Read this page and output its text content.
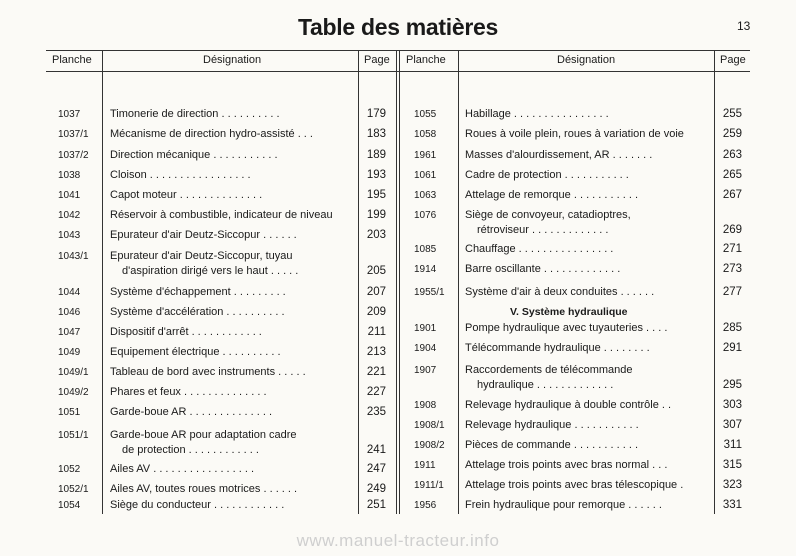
Table des matières	13
Planche	Désignation	Page Planche	Désignation	Page
1037	Timonerie de direction . . . . . . . . . .	179
1037/1 Mécanisme de direction hydro-assisté . . .	183
1037/2 Direction mécanique . . . . . . . . . . .	189
1038	Cloison . . . . . . . . . . . . . . . . .	193
1041	Capot moteur . . . . . . . . . . . . . .	195
1042	Réservoir à combustible, indicateur de niveau	199
1043	Epurateur d'air Deutz-Siccopur . . . . . .	203
1043/1 Epurateur d'air Deutz-Siccopur, tuyau
d'aspiration dirigé vers le haut . . . . .	205
1044	Système d'échappement . . . . . . . . .	207
1046	Système d'accélération . . . . . . . . . .	209
1047	Dispositif d'arrêt . . . . . . . . . . . .	211
1049	Equipement électrique . . . . . . . . . .	213
1049/1 Tableau de bord avec instruments . . . . .	221
1049/2 Phares et feux . . . . . . . . . . . . . .	227
1051	Garde-boue AR . . . . . . . . . . . . . .	235
1051/1 Garde-boue AR pour adaptation cadre
de protection . . . . . . . . . . . .	241
1052	Ailes AV . . . . . . . . . . . . . . . . .	247
1052/1 Ailes AV, toutes roues motrices . . . . . .	249
1054	Siège du conducteur . . . . . . . . . . . .	251
1055	Habillage . . . . . . . . . . . . . . . .	255
1058	Roues à voile plein, roues à variation de voie	259
1961	Masses d'alourdissement, AR . . . . . . .	263
1061	Cadre de protection . . . . . . . . . . .	265
1063	Attelage de remorque . . . . . . . . . . .	267
1076	Siège de convoyeur, catadioptres,
rétroviseur . . . . . . . . . . . . .	269
1085	Chauffage . . . . . . . . . . . . . . . .	271
1914	Barre oscillante . . . . . . . . . . . . .	273
1955/1 Système d'air à deux conduites . . . . . .	277
V. Système hydraulique
1901	Pompe hydraulique avec tuyauteries . . . .	285
1904	Télécommande hydraulique . . . . . . . .	291
1907	Raccordements de télécommande
hydraulique . . . . . . . . . . . . .	295
1908	Relevage hydraulique à double contrôle . .	303
1908/1 Relevage hydraulique . . . . . . . . . . .	307
1908/2 Pièces de commande . . . . . . . . . . .	311
1911	Attelage trois points avec bras normal . . .	315
1911/1 Attelage trois points avec bras télescopique .	323
1956	Frein hydraulique pour remorque . . . . . .	331
www.manuel-tracteur.info
